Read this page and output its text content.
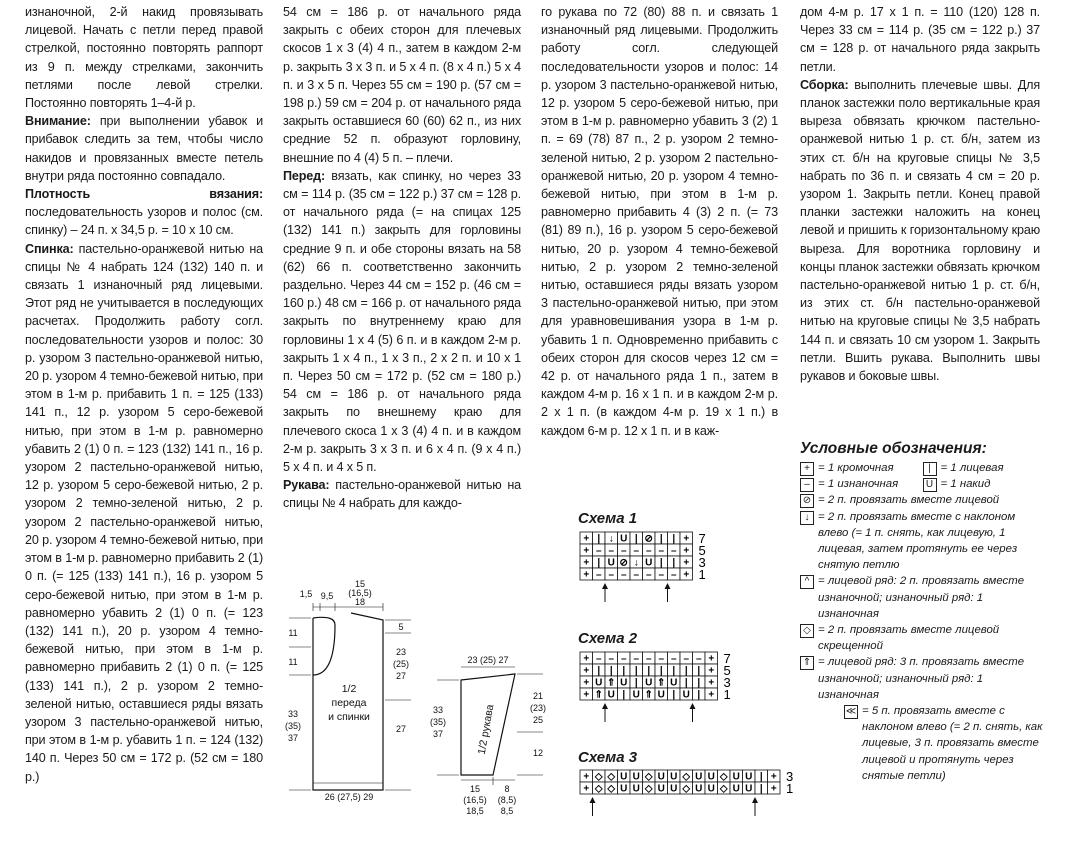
изнаночной, 2-й накид провязывать лицевой. Начать с петли перед правой стрелкой, постоянно повторять раппорт из 9 п. между стрелками, закончить петлями после левой стрелки. Постоянно повторять 1–4-й р.

Внимание: при выполнении убавок и прибавок следить за тем, чтобы число накидов и провязанных вместе петель внутри ряда постоянно совпадало.

Плотность вязания: последовательность узоров и полос (см. спинку) – 24 п. х 34,5 р. = 10 х 10 см.

Спинка: пастельно-оранжевой нитью на спицы № 4 набрать 124 (132) 140 п. и связать 1 изнаночный ряд лицевыми. Этот ряд не учитывается в последующих расчетах. Продолжить работу согл. последовательности узоров и полос: 30 р. узором 3 пастельно-оранжевой нитью, 20 р. узором 4 темно-бежевой нитью, при этом в 1-м р. прибавить 1 п. = 125 (133) 141 п., 12 р. узором 5 серо-бежевой нитью, при этом в 1-м р. равномерно убавить 2 (1) 0 п. = 123 (132) 141 п., 16 р. узором 2 пастельно-оранжевой нитью, 12 р. узором 5 серо-бежевой нитью, 2 р. узором 2 темно-зеленой нитью, 2 р. узором 2 пастельно-оранжевой нитью, 20 р. узором 4 темно-бежевой нитью, при этом в 1-м р. равномерно прибавить 2 (1) 0 п. (= 125 (133) 141 п.), 16 р. узором 5 серо-бежевой нитью, при этом в 1-м р. равномерно убавить 2 (1) 0 п. (= 123 (132) 141 п.), 20 р. узором 4 темно-бежевой нитью, при этом в 1-м р. равномерно прибавить 2 (1) 0 п. (= 125 (133) 141 п.), 2 р. узором 2 темно-зеленой нитью, оставшиеся ряды вязать узором 3 пастельно-оранжевой нитью, при этом в 1-м р. убавить 1 п. = 124 (132) 140 п. Через 50 см = 172 р. (52 см = 180 р.)

54 см = 186 р. от начального ряда закрыть с обеих сторон для плечевых скосов 1 х 3 (4) 4 п., затем в каждом 2-м р. закрыть 3 х 3 п. и 5 х 4 п. (8 х 4 п.) 5 х 4 п. и 3 х 5 п. Через 55 см = 190 р. (57 см = 198 р.) 59 см = 204 р. от начального ряда закрыть оставшиеся 60 (60) 62 п., из них средние 52 п. образуют горловину, внешние по 4 (4) 5 п. – плечи.

Перед: вязать, как спинку, но через 33 см = 114 р. (35 см = 122 р.) 37 см = 128 р. от начального ряда (= на спицах 125 (132) 141 п.) закрыть для горловины средние 9 п. и обе стороны вязать на 58 (62) 66 п. соответственно закончить раздельно. Через 44 см = 152 р. (46 см = 160 р.) 48 см = 166 р. от начального ряда закрыть по внутреннему краю для горловины 1 х 4 (5) 6 п. и в каждом 2-м р. закрыть 1 х 4 п., 1 х 3 п., 2 х 2 п. и 10 х 1 п. Через 50 см = 172 р. (52 см = 180 р.) 54 см = 186 р. от начального ряда закрыть по внешнему краю для плечевого скоса 1 х 3 (4) 4 п. и в каждом 2-м р. закрыть 3 х 3 п. и 6 х 4 п. (9 х 4 п.) 5 х 4 п. и 4 х 5 п.

Рукава: пастельно-оранжевой нитью на спицы № 4 набрать для каждо-

го рукава по 72 (80) 88 п. и связать 1 изнаночный ряд лицевыми. Продолжить работу согл. следующей последовательности узоров и полос: 14 р. узором 3 пастельно-оранжевой нитью, 12 р. узором 5 серо-бежевой нитью, при этом в 1-м р. равномерно убавить 3 (2) 1 п. = 69 (78) 87 п., 2 р. узором 2 темно-зеленой нитью, 2 р. узором 2 пастельно-оранжевой нитью, 20 р. узором 4 темно-бежевой нитью, при этом в 1-м р. равномерно прибавить 4 (3) 2 п. (= 73 (81) 89 п.), 16 р. узором 5 серо-бежевой нитью, 20 р. узором 4 темно-бежевой нитью, 2 р. узором 2 темно-зеленой нитью, оставшиеся ряды вязать узором 3 пастельно-оранжевой нитью, при этом для уравновешивания узора в 1-м р. убавить 1 п. Одновременно прибавить с обеих сторон для скосов через 12 см = 42 р. от начального ряда 1 п., затем в каждом 4-м р. 16 х 1 п. и в каждом 2-м р. 2 х 1 п. (в каждом 4-м р. 19 х 1 п.) в каждом 6-м р. 12 х 1 п. и в каж-

дом 4-м р. 17 х 1 п. = 110 (120) 128 п. Через 33 см = 114 р. (35 см = 122 р.) 37 см = 128 р. от начального ряда закрыть петли.

Сборка: выполнить плечевые швы. Для планок застежки поло вертикальные края выреза обвязать крючком пастельно-оранжевой нитью 1 р. ст. б/н, затем из этих ст. б/н на круговые спицы № 3,5 набрать по 36 п. и связать 4 см = 20 р. узором 1. Закрыть петли. Конец правой планки застежки наложить на конец левой и пришить к горизонтальному краю выреза. Для воротника горловину и концы планок застежки обвязать крючком пастельно-оранжевой нитью 1 р. ст. б/н, из этих ст. б/н пастельно-оранжевой нитью на круговые спицы № 3,5 набрать 144 п. и связать 10 см узором 1. Закрыть петли. Вшить рукава. Выполнить швы рукавов и боковые швы.

Условные обозначения:
+ = 1 кромочная	| = 1 лицевая
– = 1 изнаночная	U = 1 накид
⊘ = 2 п. провязать вместе лицевой
↓ = 2 п. провязать вместе с наклоном влево (= 1 п. снять, как лицевую, 1 лицевая, затем протянуть ее через снятую петлю
^ = лицевой ряд: 2 п. провязать вместе изнаночной; изнаночный ряд: 1 изнаночная
◇ = 2 п. провязать вместе лицевой скрещенной
⇑ = лицевой ряд: 3 п. провязать вместе изнаночной; изнаночный ряд: 1 изнаночная
≪ = 5 п. провязать вместе с наклоном влево (= 2 п. снять, как лицевые, 3 п. провязать вместе лицевой и протянуть через снятые петли)
1,5 9,5
15
(16,5)
18
11
11
5
23
(25)
27
33
(35)
37
27
1/2
переда
и спинки
26 (27,5) 29
23 (25) 27
33
(35)
37
21
(23)
25
12
15
(16,5)
18,5
8
(8,5)
8,5
1/2 рукава
Схема 1
Схема 2
Схема 3
+ | ↓ U | ⊘ | | + 7
+ – – – – – – – + 5
+ | U ⊘ ↓ U | | + 3
+ – – – – – – – + 1
+ – – – – – – – – – + 7
+ | | | | | | | | | + 5
+ U ⇑ U | U ⇑ U | | + 3
+ ⇑ U | U ⇑ U | U | + 1
+ ◇ ◇ U U ◇ U U ◇ U U ◇ U U | + 3
+ ◇ ◇ U U ◇ U U ◇ U U ◇ U U | + 1
